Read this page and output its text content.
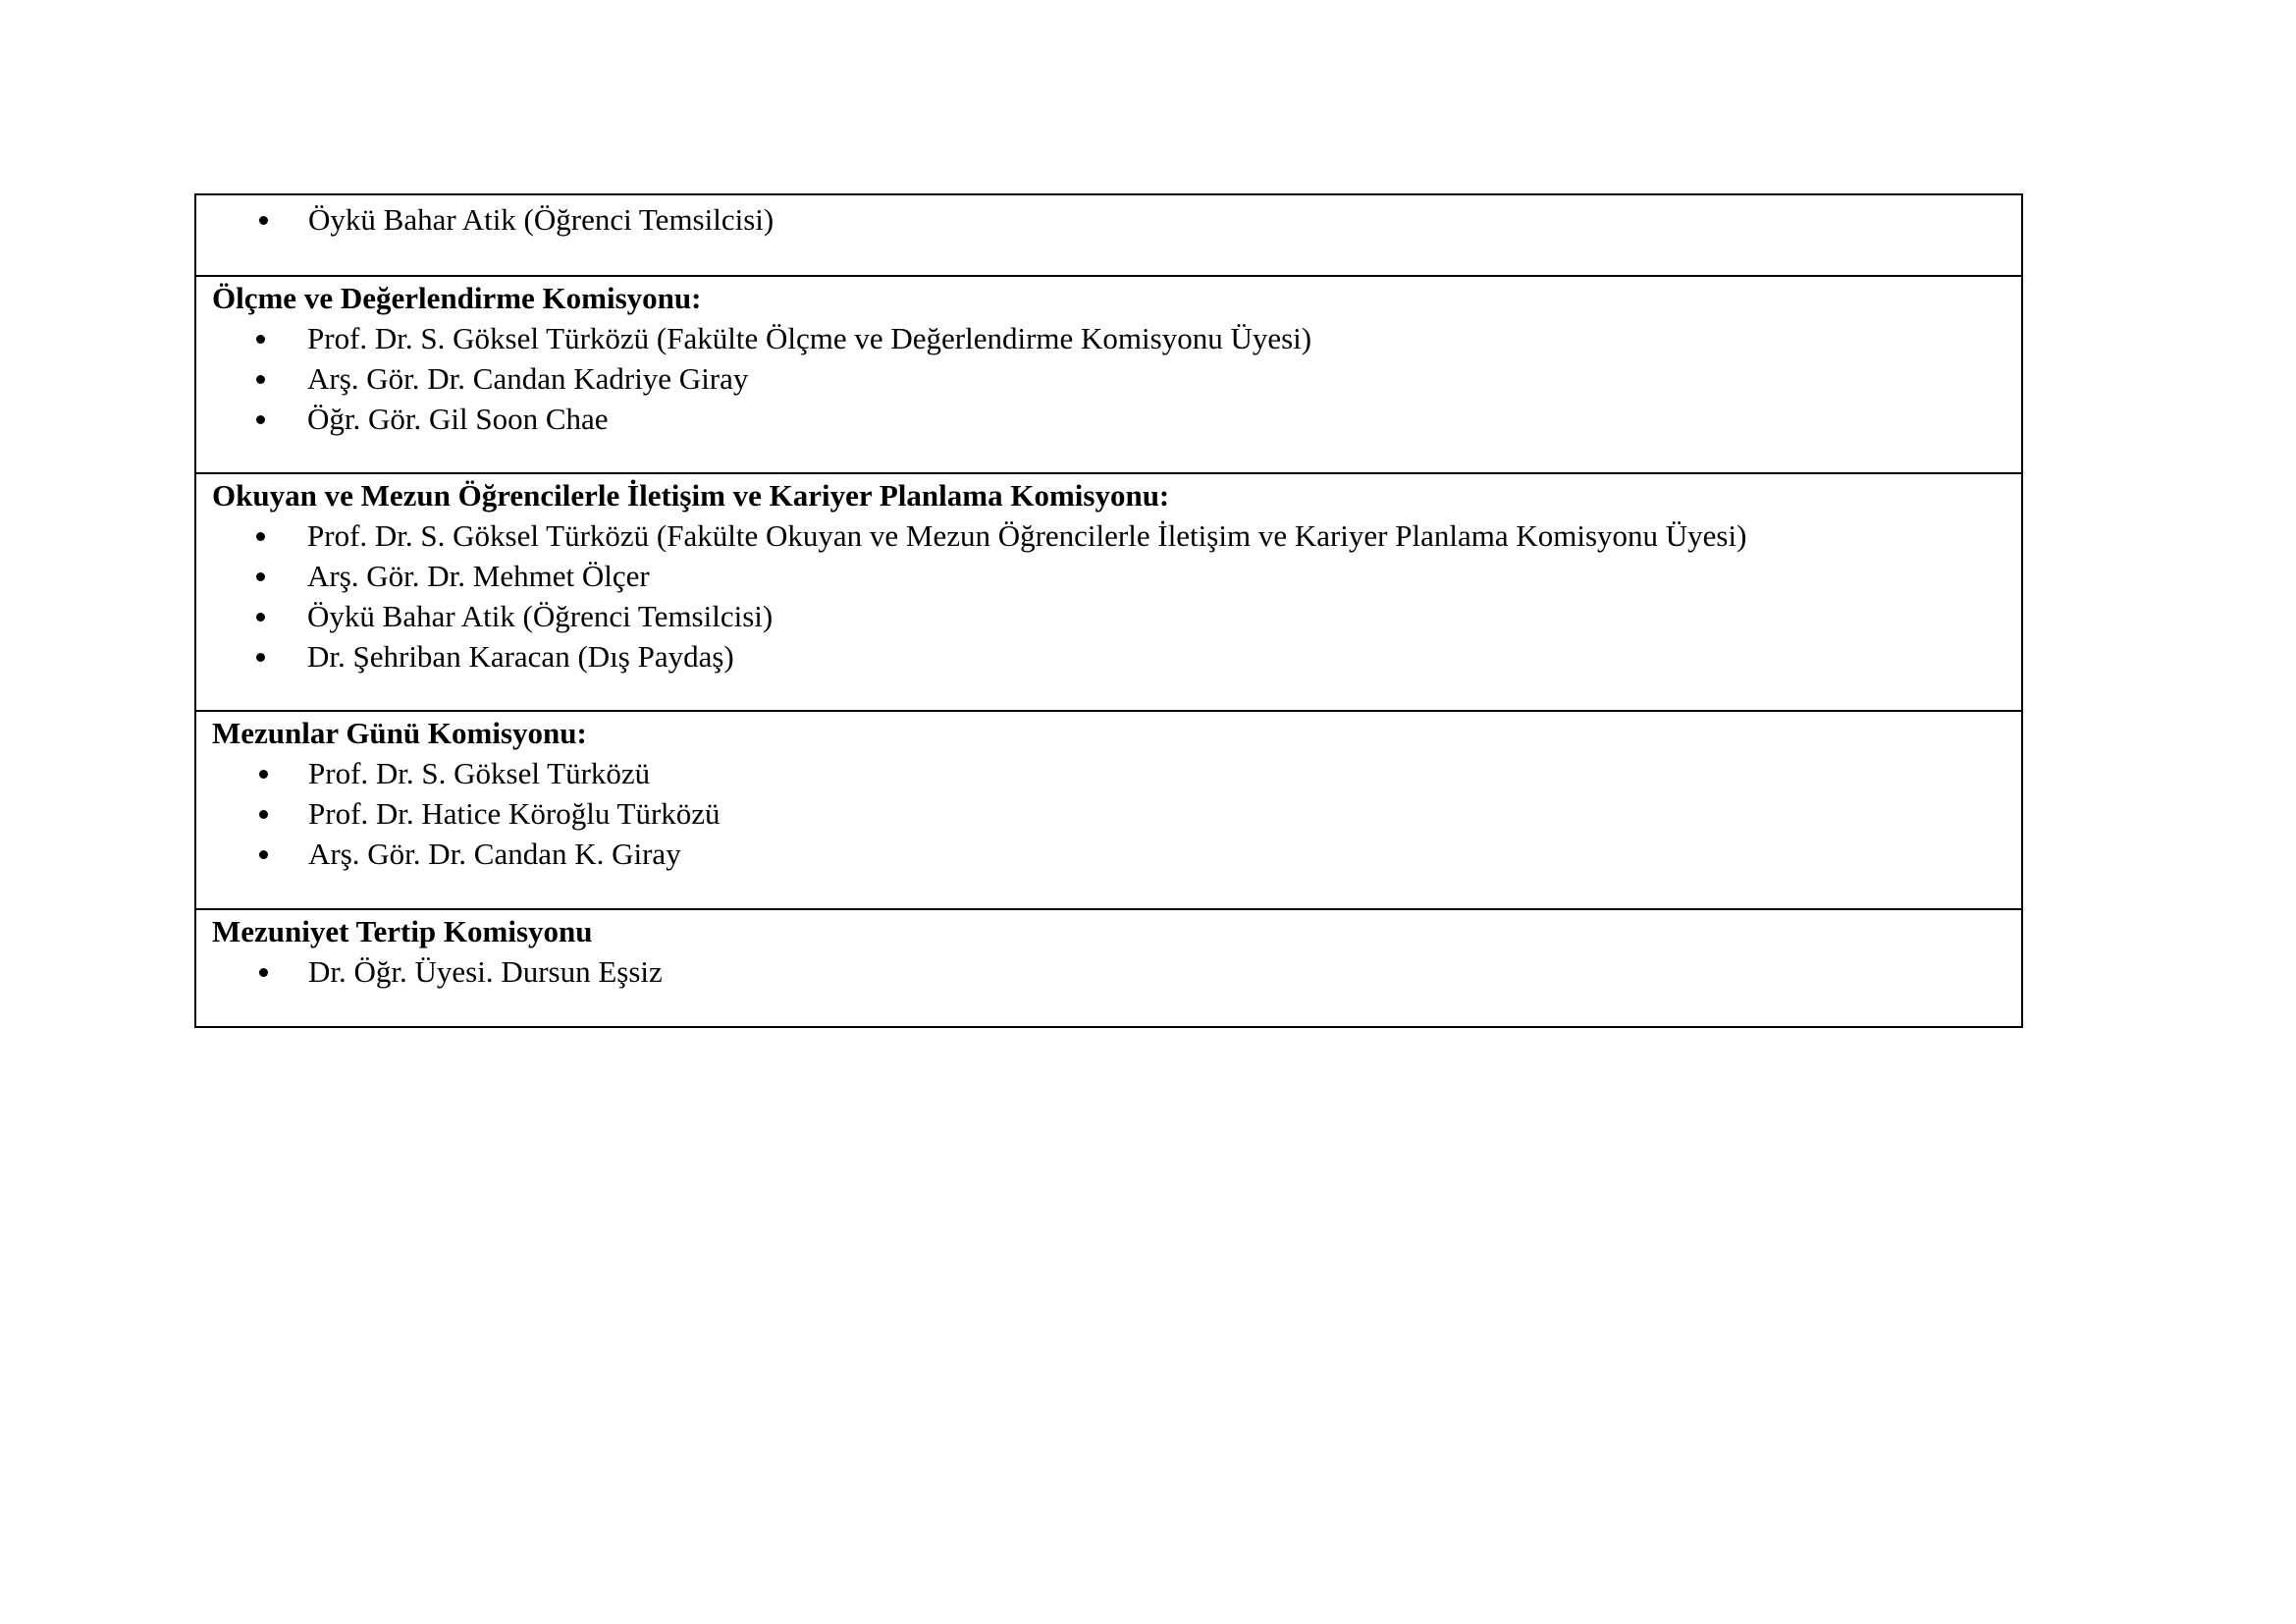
Öykü Bahar Atik (Öğrenci Temsilcisi)
Ölçme ve Değerlendirme Komisyonu:
Prof. Dr. S. Göksel Türközü (Fakülte Ölçme ve Değerlendirme Komisyonu Üyesi)
Arş. Gör. Dr. Candan Kadriye Giray
Öğr. Gör. Gil Soon Chae
Okuyan ve Mezun Öğrencilerle İletişim ve Kariyer Planlama Komisyonu:
Prof. Dr. S. Göksel Türközü (Fakülte Okuyan ve Mezun Öğrencilerle İletişim ve Kariyer Planlama Komisyonu Üyesi)
Arş. Gör. Dr. Mehmet Ölçer
Öykü Bahar Atik (Öğrenci Temsilcisi)
Dr. Şehriban Karacan (Dış Paydaş)
Mezunlar Günü Komisyonu:
Prof. Dr. S. Göksel Türközü
Prof. Dr. Hatice Köroğlu Türközü
Arş. Gör. Dr. Candan K. Giray
Mezuniyet Tertip Komisyonu
Dr. Öğr. Üyesi. Dursun Eşsiz
